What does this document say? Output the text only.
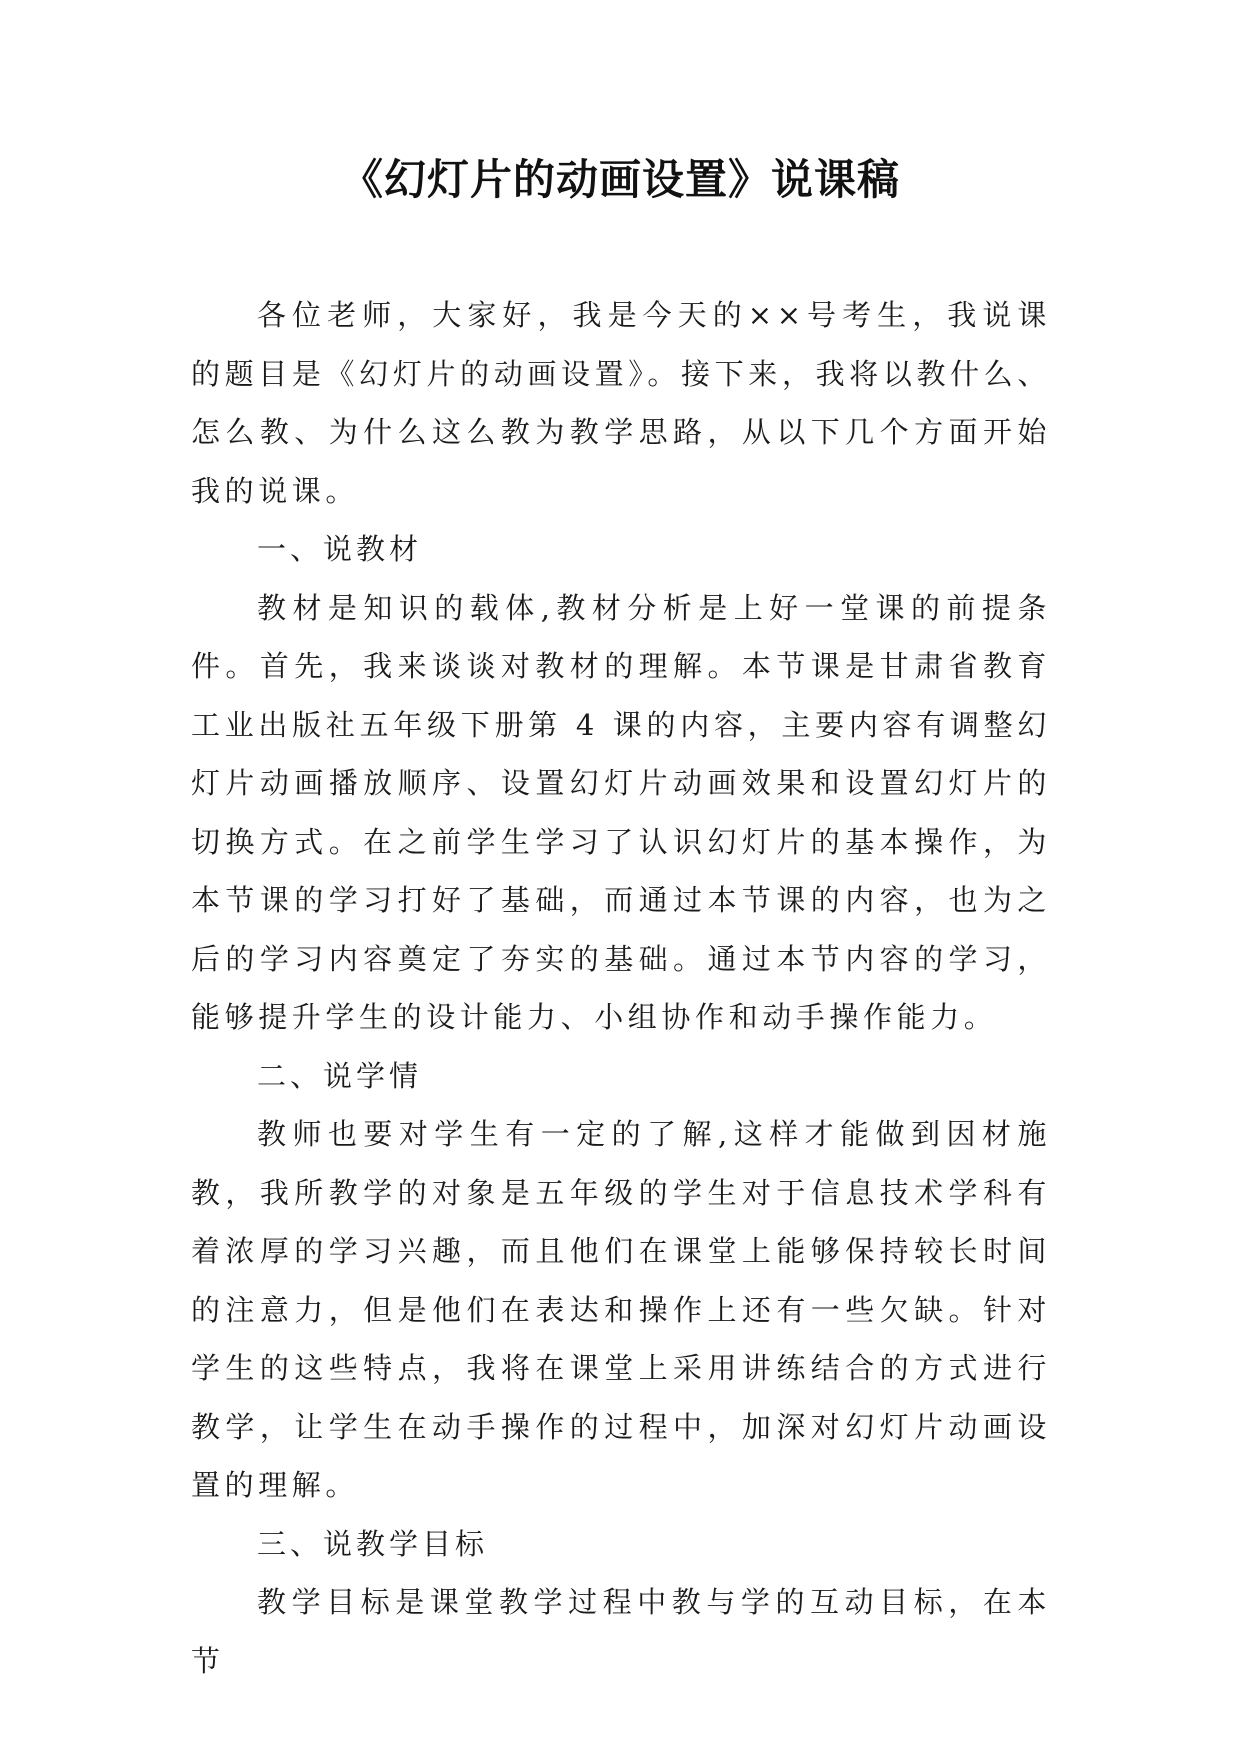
《幻灯片的动画设置》说课稿

各位老师，大家好，我是今天的××号考生，我说课的题目是《幻灯片的动画设置》。接下来，我将以教什么、怎么教、为什么这么教为教学思路，从以下几个方面开始我的说课。

一、说教材

教材是知识的载体,教材分析是上好一堂课的前提条件。首先，我来谈谈对教材的理解。本节课是甘肃省教育工业出版社五年级下册第 4 课的内容，主要内容有调整幻灯片动画播放顺序、设置幻灯片动画效果和设置幻灯片的切换方式。在之前学生学习了认识幻灯片的基本操作，为本节课的学习打好了基础，而通过本节课的内容，也为之后的学习内容奠定了夯实的基础。通过本节内容的学习，能够提升学生的设计能力、小组协作和动手操作能力。

二、说学情

教师也要对学生有一定的了解,这样才能做到因材施教，我所教学的对象是五年级的学生对于信息技术学科有着浓厚的学习兴趣，而且他们在课堂上能够保持较长时间的注意力，但是他们在表达和操作上还有一些欠缺。针对学生的这些特点，我将在课堂上采用讲练结合的方式进行教学，让学生在动手操作的过程中，加深对幻灯片动画设置的理解。

三、说教学目标

教学目标是课堂教学过程中教与学的互动目标，在本节
